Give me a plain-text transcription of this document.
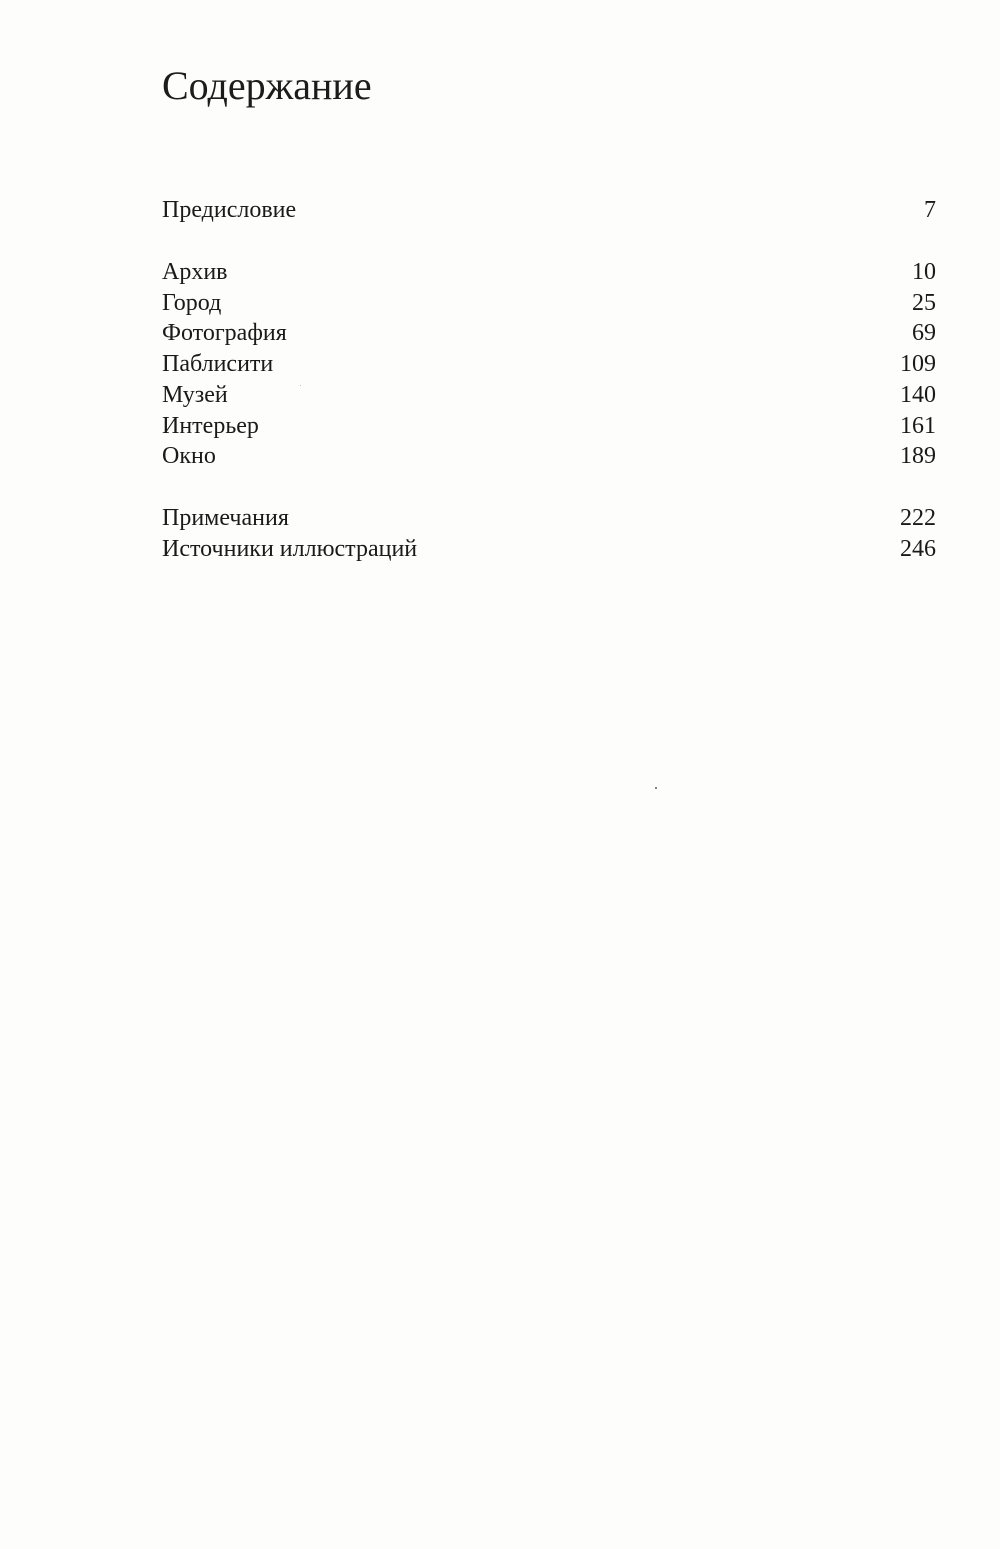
Содержание
Предисловие	7
Архив	10
Город	25
Фотография	69
Паблисити	109
Музей	140
Интерьер	161
Окно	189
Примечания	222
Источники иллюстраций	246
